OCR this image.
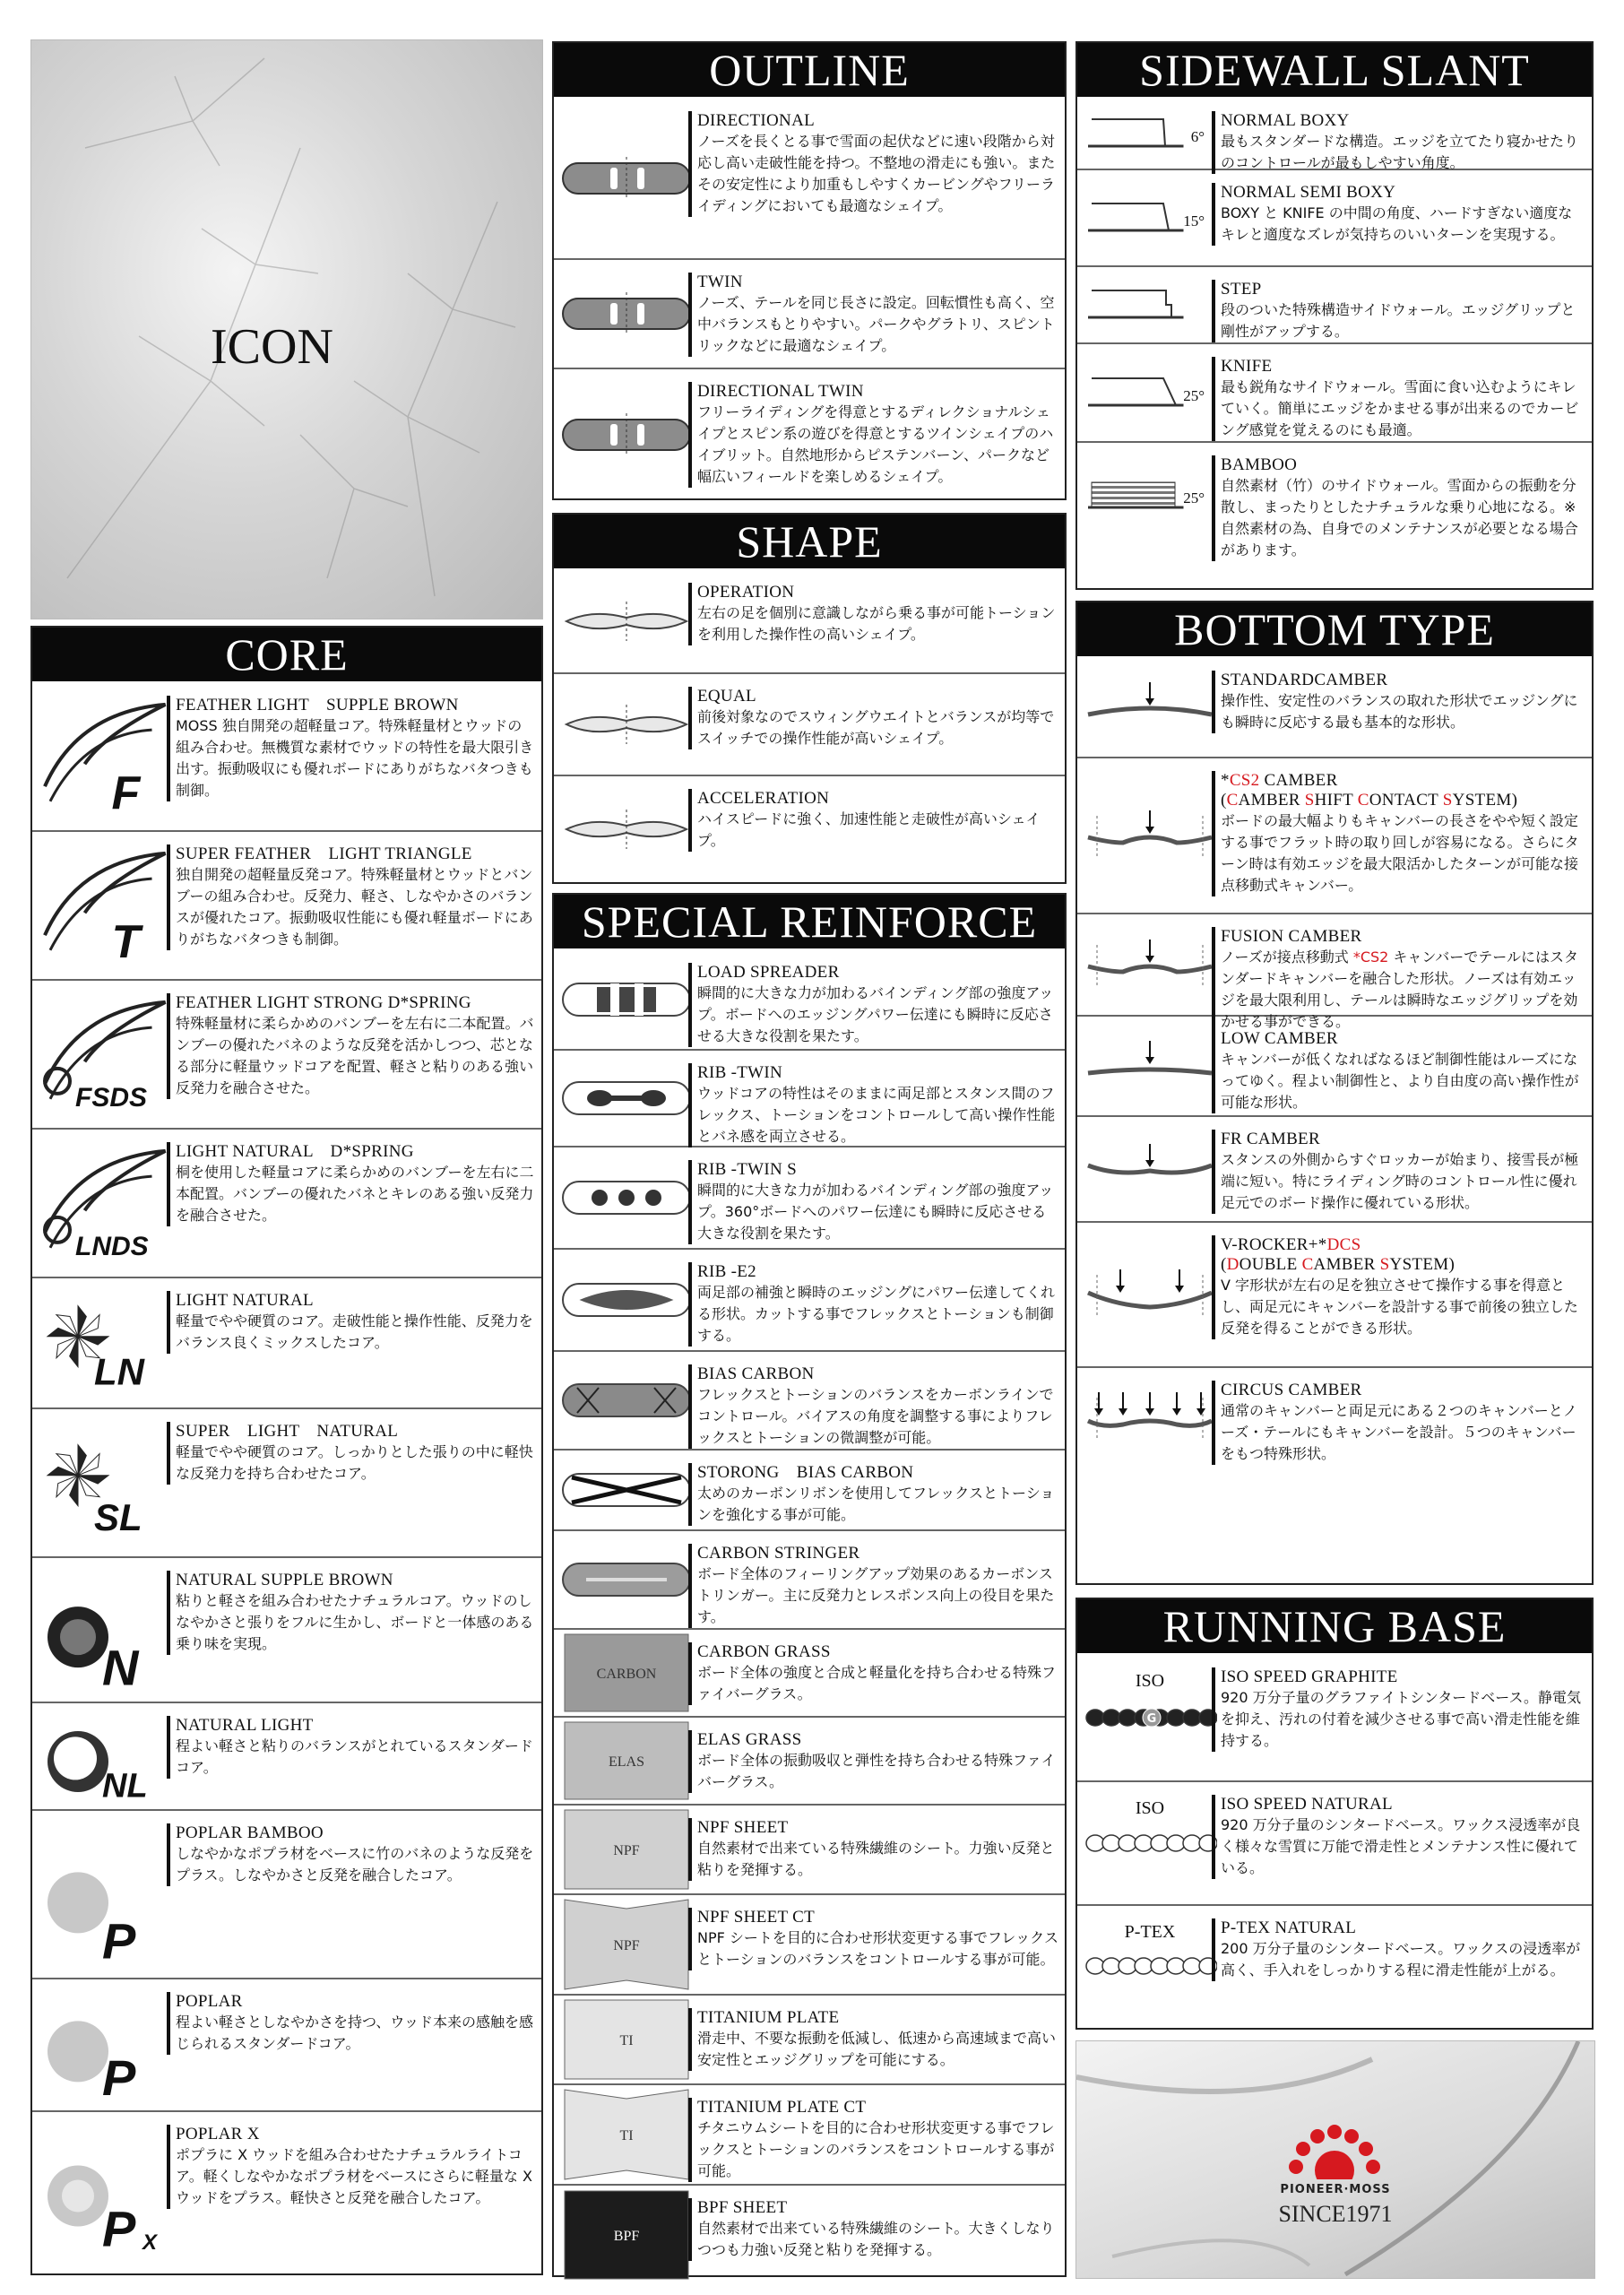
ICON
CORE
F
FEATHER LIGHT　SUPPLE BROWN
MOSS 独自開発の超軽量コア。特殊軽量材とウッドの組み合わせ。無機質な素材でウッドの特性を最大限引き出す。振動吸収にも優れボードにありがちなバタつきも制御。
T
SUPER FEATHER　LIGHT TRIANGLE
独自開発の超軽量反発コア。特殊軽量材とウッドとバンブーの組み合わせ。反発力、軽さ、しなやかさのバランスが優れたコア。振動吸収性能にも優れ軽量ボードにありがちなバタつきも制御。
FSDS
FEATHER LIGHT STRONG D*SPRING
特殊軽量材に柔らかめのバンブーを左右に二本配置。バンブーの優れたバネのような反発を活かしつつ、芯となる部分に軽量ウッドコアを配置、軽さと粘りのある強い反発力を融合させた。
LNDS
LIGHT NATURAL　D*SPRING
桐を使用した軽量コアに柔らかめのバンブーを左右に二本配置。バンブーの優れたバネとキレのある強い反発力を融合させた。
LN
LIGHT NATURAL
軽量でやや硬質のコア。走破性能と操作性能、反発力をバランス良くミックスしたコア。
SL
SUPER　LIGHT　NATURAL
軽量でやや硬質のコア。しっかりとした張りの中に軽快な反発力を持ち合わせたコア。
N
NATURAL SUPPLE BROWN
粘りと軽さを組み合わせたナチュラルコア。ウッドのしなやかさと張りをフルに生かし、ボードと一体感のある乗り味を実現。
NL
NATURAL LIGHT
程よい軽さと粘りのバランスがとれているスタンダードコア。
P
POPLAR BAMBOO
しなやかなポプラ材をベースに竹のバネのような反発をプラス。しなやかさと反発を融合したコア。
P
POPLAR
程よい軽さとしなやかさを持つ、ウッド本来の感触を感じられるスタンダードコア。
P X
POPLAR X
ポプラに X ウッドを組み合わせたナチュラルライトコア。軽くしなやかなポプラ材をベースにさらに軽量な X ウッドをプラス。軽快さと反発を融合したコア。
OUTLINE
DIRECTIONAL
ノーズを長くとる事で雪面の起伏などに速い段階から対応し高い走破性能を持つ。不整地の滑走にも強い。またその安定性により加重もしやすくカービングやフリーライディングにおいても最適なシェイプ。
TWIN
ノーズ、テールを同じ長さに設定。回転慣性も高く、空中バランスもとりやすい。パークやグラトリ、スピントリックなどに最適なシェイプ。
DIRECTIONAL TWIN
フリーライディングを得意とするディレクショナルシェイプとスピン系の遊びを得意とするツインシェイプのハイブリット。自然地形からピステンバーン、パークなど幅広いフィールドを楽しめるシェイプ。
SHAPE
OPERATION
左右の足を個別に意識しながら乗る事が可能トーションを利用した操作性の高いシェイプ。
EQUAL
前後対象なのでスウィングウエイトとバランスが均等でスイッチでの操作性能が高いシェイプ。
ACCELERATION
ハイスピードに強く、加速性能と走破性が高いシェイプ。
SPECIAL REINFORCE
LOAD SPREADER
瞬間的に大きな力が加わるバインディング部の強度アップ。ボードへのエッジングパワー伝達にも瞬時に反応させる大きな役割を果たす。
RIB -TWIN
ウッドコアの特性はそのままに両足部とスタンス間のフレックス、トーションをコントロールして高い操作性能とバネ感を両立させる。
RIB -TWIN S
瞬間的に大きな力が加わるバインディング部の強度アップ。360°ボードへのパワー伝達にも瞬時に反応させる大きな役割を果たす。
RIB -E2
両足部の補強と瞬時のエッジングにパワー伝達してくれる形状。カットする事でフレックスとトーションも制御する。
BIAS CARBON
フレックスとトーションのバランスをカーボンラインでコントロール。バイアスの角度を調整する事によりフレックスとトーションの微調整が可能。
STORONG　BIAS CARBON
太めのカーボンリボンを使用してフレックスとトーションを強化する事が可能。
CARBON STRINGER
ボード全体のフィーリングアップ効果のあるカーボンストリンガー。主に反発力とレスポンス向上の役目を果たす。
CARBON
CARBON GRASS
ボード全体の強度と合成と軽量化を持ち合わせる特殊ファイバーグラス。
ELAS
ELAS GRASS
ボード全体の振動吸収と弾性を持ち合わせる特殊ファイバーグラス。
NPF
NPF SHEET
自然素材で出来ている特殊繊維のシート。力強い反発と粘りを発揮する。
NPF
NPF SHEET CT
NPF シートを目的に合わせ形状変更する事でフレックスとトーションのバランスをコントロールする事が可能。
TI
TITANIUM PLATE
滑走中、不要な振動を低減し、低速から高速域まで高い安定性とエッジグリップを可能にする。
TI
TITANIUM PLATE CT
チタニウムシートを目的に合わせ形状変更する事でフレックスとトーションのバランスをコントロールする事が可能。
BPF
BPF SHEET
自然素材で出来ている特殊繊維のシート。大きくしなりつつも力強い反発と粘りを発揮する。
SIDEWALL SLANT
6°
NORMAL BOXY
最もスタンダードな構造。エッジを立てたり寝かせたりのコントロールが最もしやすい角度。
15°
NORMAL SEMI BOXY
BOXY と KNIFE の中間の角度、ハードすぎない適度なキレと適度なズレが気持ちのいいターンを実現する。
STEP
段のついた特殊構造サイドウォール。エッジグリップと剛性がアップする。
25°
KNIFE
最も鋭角なサイドウォール。雪面に食い込むようにキレていく。簡単にエッジをかませる事が出来るのでカービング感覚を覚えるのにも最適。
25°
BAMBOO
自然素材（竹）のサイドウォール。雪面からの振動を分散し、まったりとしたナチュラルな乗り心地になる。※自然素材の為、自身でのメンテナンスが必要となる場合があります。
BOTTOM TYPE
STANDARDCAMBER
操作性、安定性のバランスの取れた形状でエッジングにも瞬時に反応する最も基本的な形状。
*CS2 CAMBER
(CAMBER SHIFT CONTACT SYSTEM)
ボードの最大幅よりもキャンバーの長さをやや短く設定する事でフラット時の取り回しが容易になる。さらにターン時は有効エッジを最大限活かしたターンが可能な接点移動式キャンバー。
FUSION CAMBER
ノーズが接点移動式 *CS2 キャンバーでテールにはスタンダードキャンバーを融合した形状。ノーズは有効エッジを最大限利用し、テールは瞬時なエッジグリップを効かせる事ができる。
LOW CAMBER
キャンバーが低くなればなるほど制御性能はルーズになってゆく。程よい制御性と、より自由度の高い操作性が可能な形状。
FR CAMBER
スタンスの外側からすぐロッカーが始まり、接雪長が極端に短い。特にライディング時のコントロール性に優れ足元でのボード操作に優れている形状。
V-ROCKER+*DCS
(DOUBLE CAMBER SYSTEM)
V 字形状が左右の足を独立させて操作する事を得意とし、両足元にキャンバーを設計する事で前後の独立した反発を得ることができる形状。
CIRCUS CAMBER
通常のキャンバーと両足元にある２つのキャンバーとノーズ・テールにもキャンバーを設計。５つのキャンバーをもつ特殊形状。
RUNNING BASE
G
ISO	ISO SPEED GRAPHITE
920 万分子量のグラファイトシンタードベース。静電気を抑え、汚れの付着を減少させる事で高い滑走性能を維持する。
ISO	ISO SPEED NATURAL
920 万分子量のシンタードベース。ワックス浸透率が良く様々な雪質に万能で滑走性とメンテナンス性に優れている。
P-TEX	P-TEX NATURAL
200 万分子量のシンタードベース。ワックスの浸透率が高く、手入れをしっかりする程に滑走性能が上がる。
PIONEER·MOSS
SINCE1971
